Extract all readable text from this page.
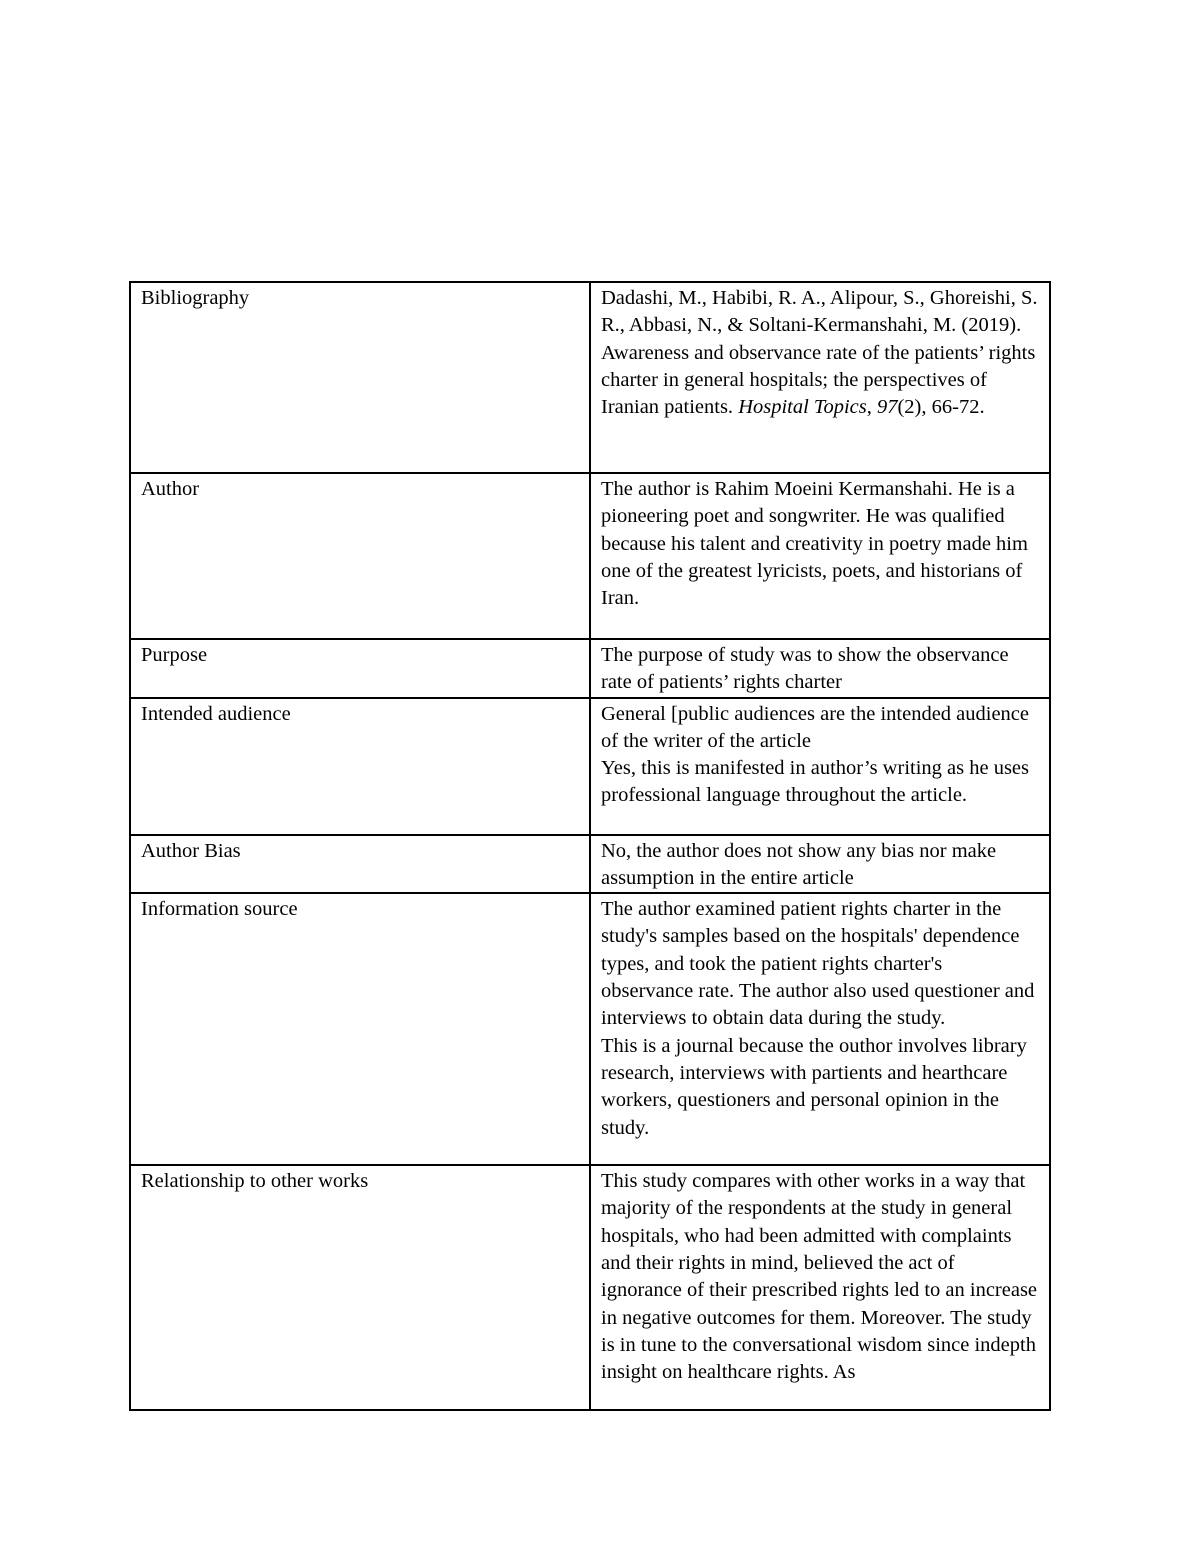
Bibliography	Dadashi, M., Habibi, R. A., Alipour, S., Ghoreishi, S. R., Abbasi, N., & Soltani-Kermanshahi, M. (2019). Awareness and observance rate of the patients’ rights charter in general hospitals; the perspectives of Iranian patients. Hospital Topics, 97(2), 66-72.
Author	The author is Rahim Moeini Kermanshahi. He is a pioneering poet and songwriter. He was qualified because his talent and creativity in poetry made him one of the greatest lyricists, poets, and historians of Iran.

Purpose	The purpose of study was to show the observance rate of patients’ rights charter

Intended audience	General [public audiences are the intended audience of the writer of the article
Yes, this is manifested in author’s writing as he uses professional language throughout the article.

Author Bias	No, the author does not show any bias nor make assumption in the entire article

Information source	The author examined patient rights charter in the study's samples based on the hospitals' dependence types, and took the patient rights charter's observance rate. The author also used questioner and interviews to obtain data during the study.
This is a journal because the outhor involves library research, interviews with partients and hearthcare workers, questioners and personal opinion in the study.

Relationship to other works	This study compares with other works in a way that majority of the respondents at the study in general hospitals, who had been admitted with complaints and their rights in mind, believed the act of ignorance of their prescribed rights led to an increase in negative outcomes for them. Moreover. The study is in tune to the conversational wisdom since indepth insight on healthcare rights. As
